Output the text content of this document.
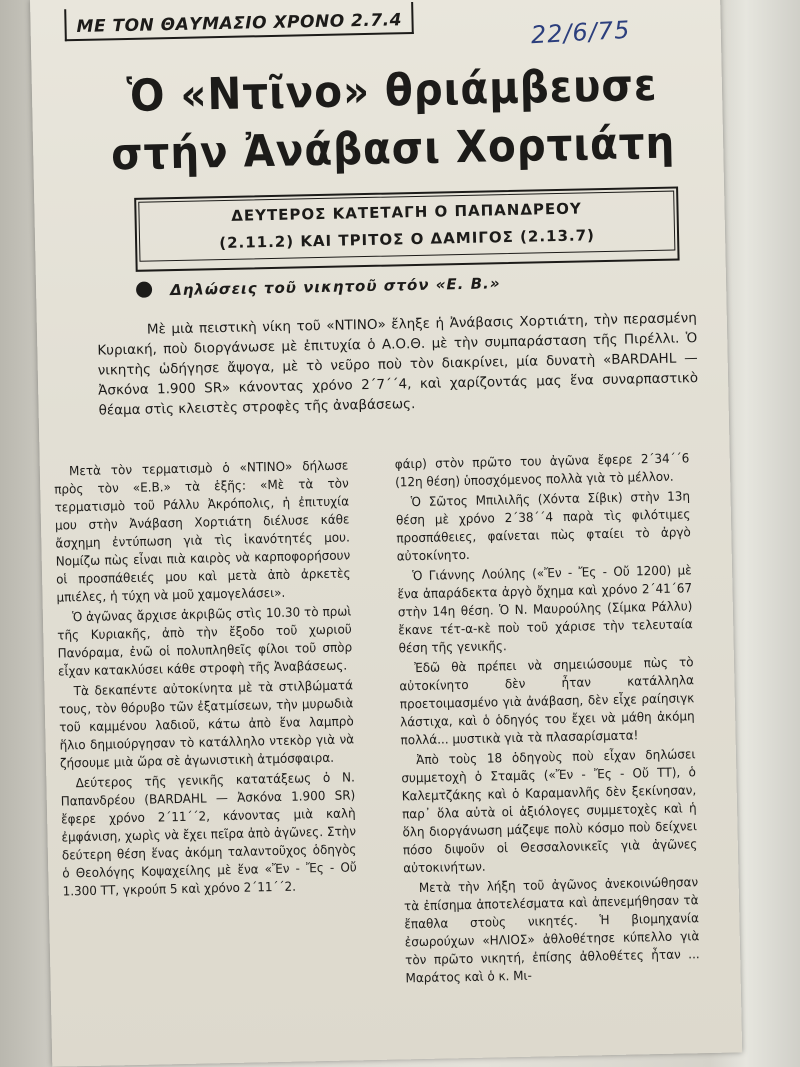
ΜΕ ΤΟΝ ΘΑΥΜΑΣΙΟ ΧΡΟΝΟ 2.7.4	22/6/75
Ὁ «Ντῖνο» θριάμβευσε
στήν Ἀνάβασι Χορτιάτη
ΔΕΥΤΕΡΟΣ ΚΑΤΕΤΑΓΗ Ο ΠΑΠΑΝΔΡΕΟΥ
(2.11.2) ΚΑΙ ΤΡΙΤΟΣ Ο ΔΑΜΙΓΟΣ (2.13.7)
Δηλώσεις τοῦ νικητοῦ στόν «Ε. Β.»
Μὲ μιὰ πειστικὴ νίκη τοῦ «ΝΤΙΝΟ» ἔληξε ἡ Ἀνάβασις Χορτιάτη, τὴν περασμένη Κυριακή, ποὺ διοργάνωσε μὲ ἐπιτυχία ὁ Α.Ο.Θ. μὲ τὴν συμπαράσταση τῆς Πιρέλλι. Ὁ νικητὴς ὡδήγησε ἄψογα, μὲ τὸ νεῦρο ποὺ τὸν διακρίνει, μία δυνατὴ «BARDAHL — Ἀσκόνα 1.900 SR» κάνοντας χρόνο 2΄7΄΄4, καὶ χαρίζοντάς μας ἕνα συναρπαστικὸ θέαμα στὶς κλειστὲς στροφὲς τῆς ἀναβάσεως.

Μετὰ τὸν τερματισμὸ ὁ «ΝΤΙΝΟ» δήλωσε πρὸς τὸν «Ε.Β.» τὰ ἑξῆς: «Μὲ τὰ τὸν τερματισμὸ τοῦ Ράλλυ Ἀκρόπολις, ἡ ἐπιτυχία μου στὴν Ἀνάβαση Χορτιάτη διέλυσε κάθε ἄσχημη ἐντύπωση γιὰ τὶς ἱκανότητές μου. Νομίζω πὼς εἶναι πιὰ καιρὸς νὰ καρποφορήσουν οἱ προσπάθειές μου καὶ μετὰ ἀπὸ ἀρκετὲς μπιέλες, ἡ τύχη νὰ μοῦ χαμογελάσει».

Ὁ ἀγῶνας ἄρχισε ἀκριβῶς στὶς 10.30 τὸ πρωὶ τῆς Κυριακῆς, ἀπὸ τὴν ἔξοδο τοῦ χωριοῦ Πανόραμα, ἐνῶ οἱ πολυπληθεῖς φίλοι τοῦ σπὸρ εἶχαν κατακλύσει κάθε στροφὴ τῆς Ἀναβάσεως.

Τὰ δεκαπέντε αὐτοκίνητα μὲ τὰ στιλβώματά τους, τὸν θόρυβο τῶν ἐξατμίσεων, τὴν μυρωδιὰ τοῦ καμμένου λαδιοῦ, κάτω ἀπὸ ἕνα λαμπρὸ ἥλιο δημιούργησαν τὸ κατάλληλο ντεκὸρ γιὰ νὰ ζήσουμε μιὰ ὥρα σὲ ἀγωνιστικὴ ἀτμόσφαιρα.

Δεύτερος τῆς γενικῆς κατατάξεως ὁ Ν. Παπανδρέου (BARDAHL — Ἀσκόνα 1.900 SR) ἔφερε χρόνο 2΄11΄΄2, κάνοντας μιὰ καλὴ ἐμφάνιση, χωρὶς νὰ ἔχει πεῖρα ἀπὸ ἀγῶνες. Στὴν δεύτερη θέση ἕνας ἀκόμη ταλαντοῦχος ὁδηγὸς ὁ Θεολόγης Κοψαχείλης μὲ ἕνα «Ἔν - Ἔς - Οὔ 1.300 ΤΤ, γκρούπ 5 καὶ χρόνο 2΄11΄΄2.

φάιρ) στὸν πρῶτο του ἀγῶνα ἔφερε 2΄34΄΄6 (12η θέση) ὑποσχόμενος πολλὰ γιὰ τὸ μέλλον.

Ὁ Σῶτος Μπιλιλῆς (Χόντα Σίβικ) στὴν 13η θέση μὲ χρόνο 2΄38΄΄4 παρὰ τὶς φιλότιμες προσπάθειες, φαίνεται πὼς φταίει τὸ ἀργὸ αὐτοκίνητο.

Ὁ Γιάννης Λούλης («Ἔν - Ἔς - Οὔ 1200) μὲ ἕνα ἀπαράδεκτα ἀργὸ ὄχημα καὶ χρόνο 2΄41΄67 στὴν 14η θέση. Ὁ Ν. Μαυρούλης (Σίμκα Ράλλυ) ἔκανε τέτ-α-κὲ ποὺ τοῦ χάρισε τὴν τελευταία θέση τῆς γενικῆς.

Ἐδῶ θὰ πρέπει νὰ σημειώσουμε πὼς τὸ αὐτοκίνητο δὲν ἦταν κατάλληλα προετοιμασμένο γιὰ ἀνάβαση, δὲν εἶχε ραίησιγκ λάστιχα, καὶ ὁ ὁδηγός του ἔχει νὰ μάθη ἀκόμη πολλά... μυστικὰ γιὰ τὰ πλασαρίσματα!

Ἀπὸ τοὺς 18 ὁδηγοὺς ποὺ εἶχαν δηλώσει συμμετοχὴ ὁ Σταμᾶς («Ἔν - Ἔς - Οὔ ΤΤ), ὁ Καλεμτζάκης καὶ ὁ Καραμανλῆς δὲν ξεκίνησαν, παρ᾽ ὅλα αὐτὰ οἱ ἀξιόλογες συμμετοχὲς καὶ ἡ ὅλη διοργάνωση μάζεψε πολὺ κόσμο ποὺ δείχνει πόσο διψοῦν οἱ Θεσσαλονικεῖς γιὰ ἀγῶνες αὐτοκινήτων.

Μετὰ τὴν λήξη τοῦ ἀγῶνος ἀνεκοινώθησαν τὰ ἐπίσημα ἀποτελέσματα καὶ ἀπενεμήθησαν τὰ ἔπαθλα στοὺς νικητές. Ἡ βιομηχανία ἐσωρούχων «ΗΛΙΟΣ» ἀθλοθέτησε κύπελλο γιὰ τὸν πρῶτο νικητή, ἐπίσης ἀθλοθέτες ἦταν ... Μαράτος καὶ ὁ κ. Μι-
